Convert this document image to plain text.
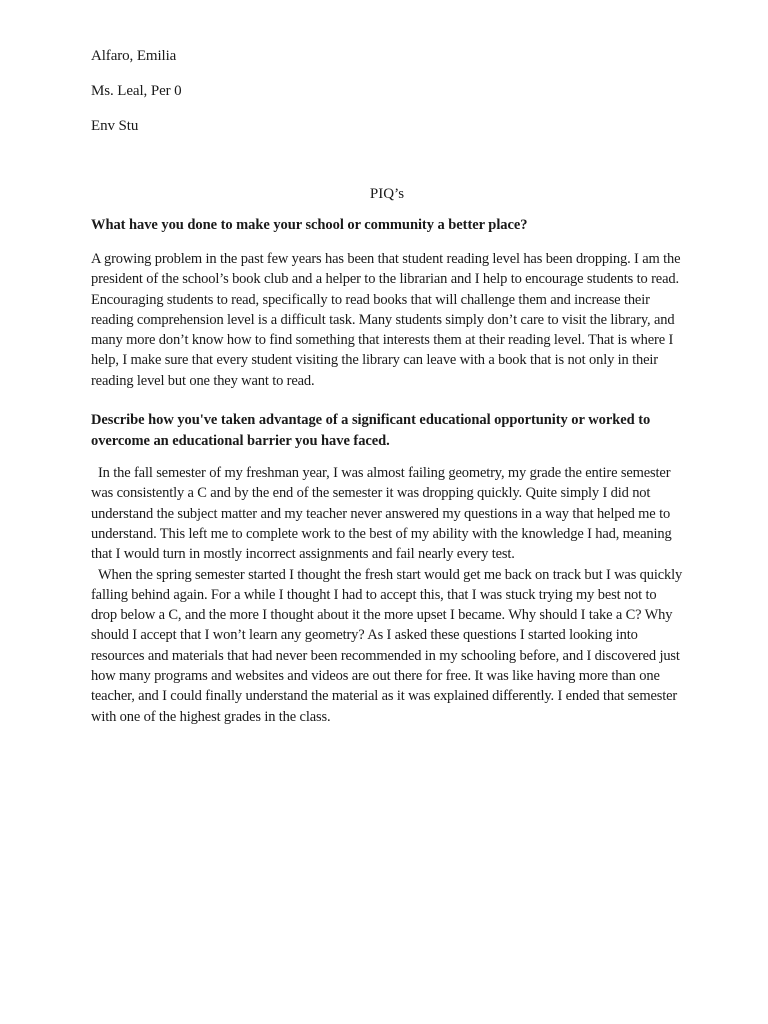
Alfaro, Emilia
Ms. Leal, Per 0
Env Stu
PIQ’s
What have you done to make your school or community a better place?

A growing problem in the past few years has been that student reading level has been dropping. I am the president of the school’s book club and a helper to the librarian and I help to encourage students to read. Encouraging students to read, specifically to read books that will challenge them and increase their reading comprehension level is a difficult task. Many students simply don’t care to visit the library, and many more don’t know how to find something that interests them at their reading level. That is where I help, I make sure that every student visiting the library can leave with a book that is not only in their reading level but one they want to read.

Describe how you've taken advantage of a significant educational opportunity or worked to overcome an educational barrier you have faced.

In the fall semester of my freshman year, I was almost failing geometry, my grade the entire semester was consistently a C and by the end of the semester it was dropping quickly. Quite simply I did not understand the subject matter and my teacher never answered my questions in a way that helped me to understand. This left me to complete work to the best of my ability with the knowledge I had, meaning that I would turn in mostly incorrect assignments and fail nearly every test.

When the spring semester started I thought the fresh start would get me back on track but I was quickly falling behind again. For a while I thought I had to accept this, that I was stuck trying my best not to drop below a C, and the more I thought about it the more upset I became. Why should I take a C? Why should I accept that I won’t learn any geometry? As I asked these questions I started looking into resources and materials that had never been recommended in my schooling before, and I discovered just how many programs and websites and videos are out there for free. It was like having more than one teacher, and I could finally understand the material as it was explained differently. I ended that semester with one of the highest grades in the class.
